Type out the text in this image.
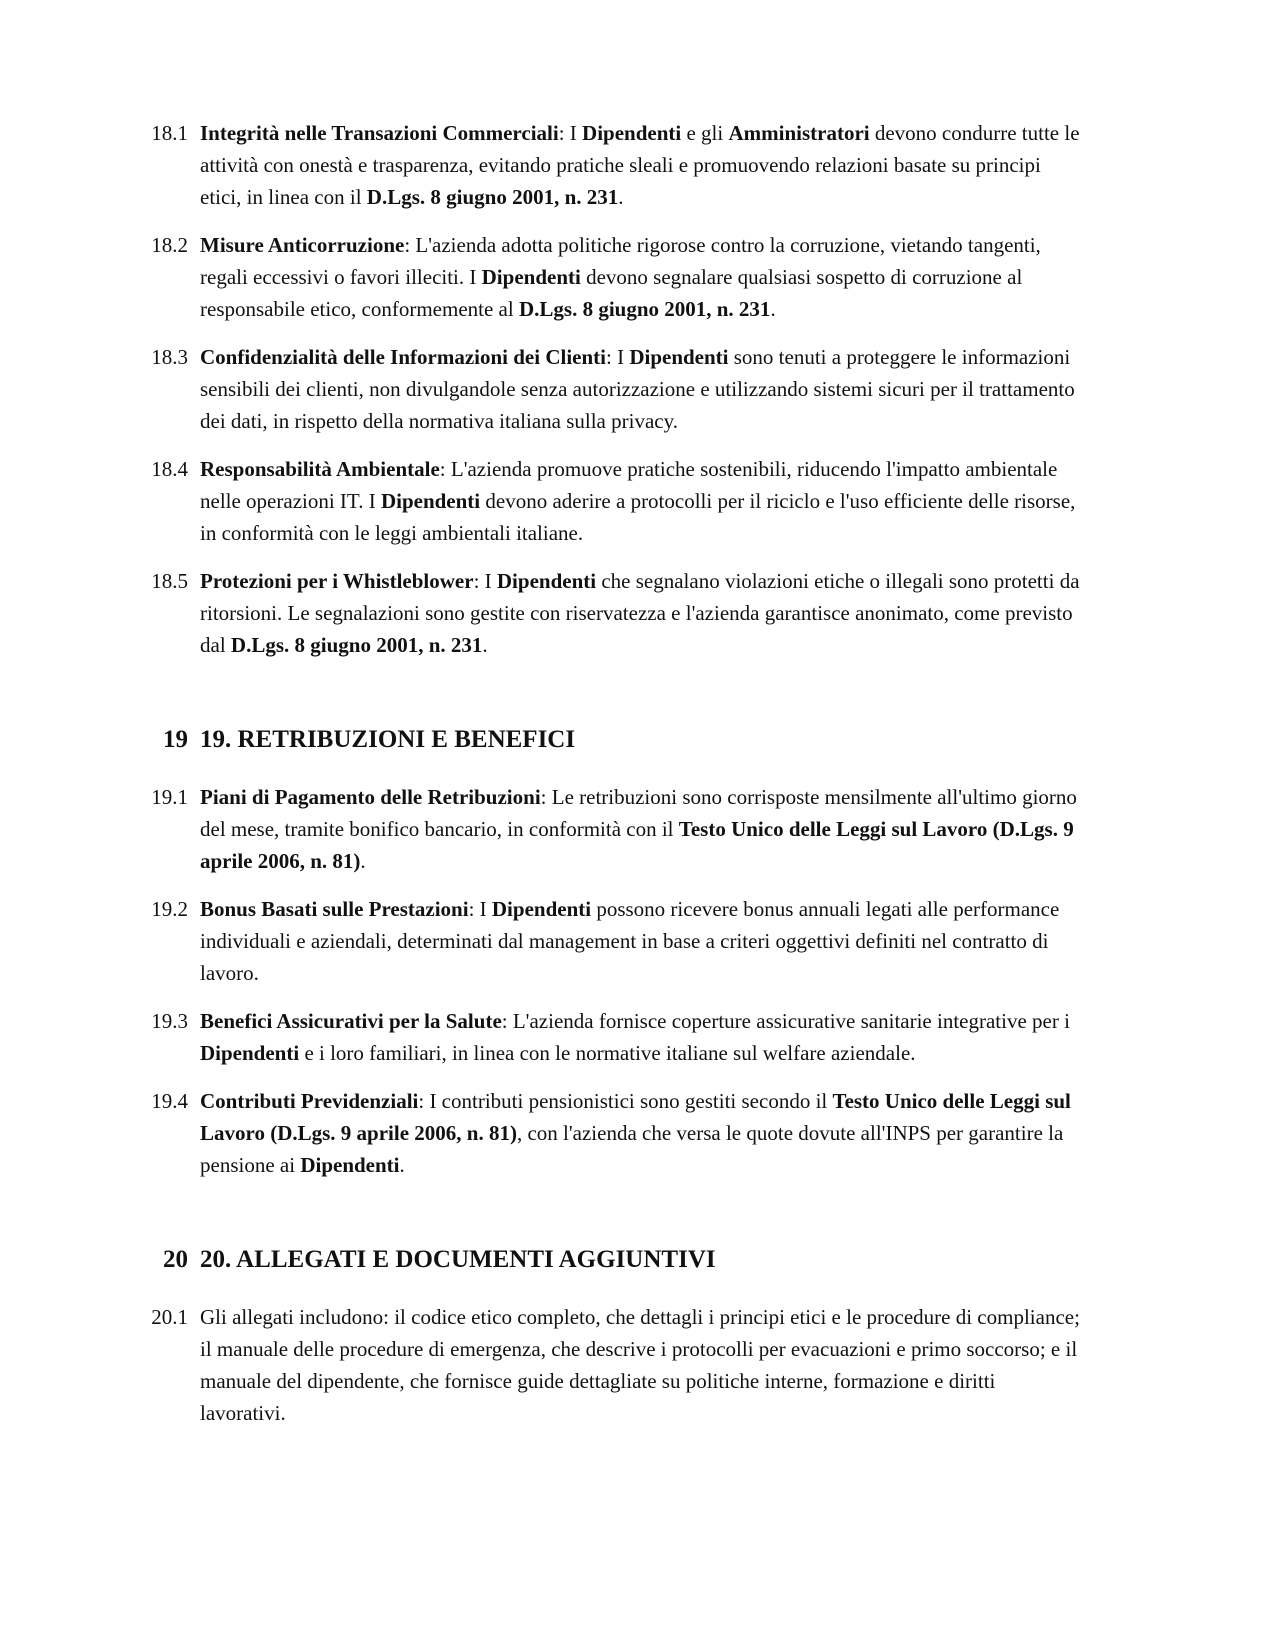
18.1 Integrità nelle Transazioni Commerciali: I Dipendenti e gli Amministratori devono condurre tutte le attività con onestà e trasparenza, evitando pratiche sleali e promuovendo relazioni basate su principi etici, in linea con il D.Lgs. 8 giugno 2001, n. 231.
18.2 Misure Anticorruzione: L'azienda adotta politiche rigorose contro la corruzione, vietando tangenti, regali eccessivi o favori illeciti. I Dipendenti devono segnalare qualsiasi sospetto di corruzione al responsabile etico, conformemente al D.Lgs. 8 giugno 2001, n. 231.
18.3 Confidenzialità delle Informazioni dei Clienti: I Dipendenti sono tenuti a proteggere le informazioni sensibili dei clienti, non divulgandole senza autorizzazione e utilizzando sistemi sicuri per il trattamento dei dati, in rispetto della normativa italiana sulla privacy.
18.4 Responsabilità Ambientale: L'azienda promuove pratiche sostenibili, riducendo l'impatto ambientale nelle operazioni IT. I Dipendenti devono aderire a protocolli per il riciclo e l'uso efficiente delle risorse, in conformità con le leggi ambientali italiane.
18.5 Protezioni per i Whistleblower: I Dipendenti che segnalano violazioni etiche o illegali sono protetti da ritorsioni. Le segnalazioni sono gestite con riservatezza e l'azienda garantisce anonimato, come previsto dal D.Lgs. 8 giugno 2001, n. 231.
19 19. RETRIBUZIONI E BENEFICI
19.1 Piani di Pagamento delle Retribuzioni: Le retribuzioni sono corrisposte mensilmente all'ultimo giorno del mese, tramite bonifico bancario, in conformità con il Testo Unico delle Leggi sul Lavoro (D.Lgs. 9 aprile 2006, n. 81).
19.2 Bonus Basati sulle Prestazioni: I Dipendenti possono ricevere bonus annuali legati alle performance individuali e aziendali, determinati dal management in base a criteri oggettivi definiti nel contratto di lavoro.
19.3 Benefici Assicurativi per la Salute: L'azienda fornisce coperture assicurative sanitarie integrative per i Dipendenti e i loro familiari, in linea con le normative italiane sul welfare aziendale.
19.4 Contributi Previdenziali: I contributi pensionistici sono gestiti secondo il Testo Unico delle Leggi sul Lavoro (D.Lgs. 9 aprile 2006, n. 81), con l'azienda che versa le quote dovute all'INPS per garantire la pensione ai Dipendenti.
20 20. ALLEGATI E DOCUMENTI AGGIUNTIVI
20.1 Gli allegati includono: il codice etico completo, che dettagli i principi etici e le procedure di compliance; il manuale delle procedure di emergenza, che descrive i protocolli per evacuazioni e primo soccorso; e il manuale del dipendente, che fornisce guide dettagliate su politiche interne, formazione e diritti lavorativi.
